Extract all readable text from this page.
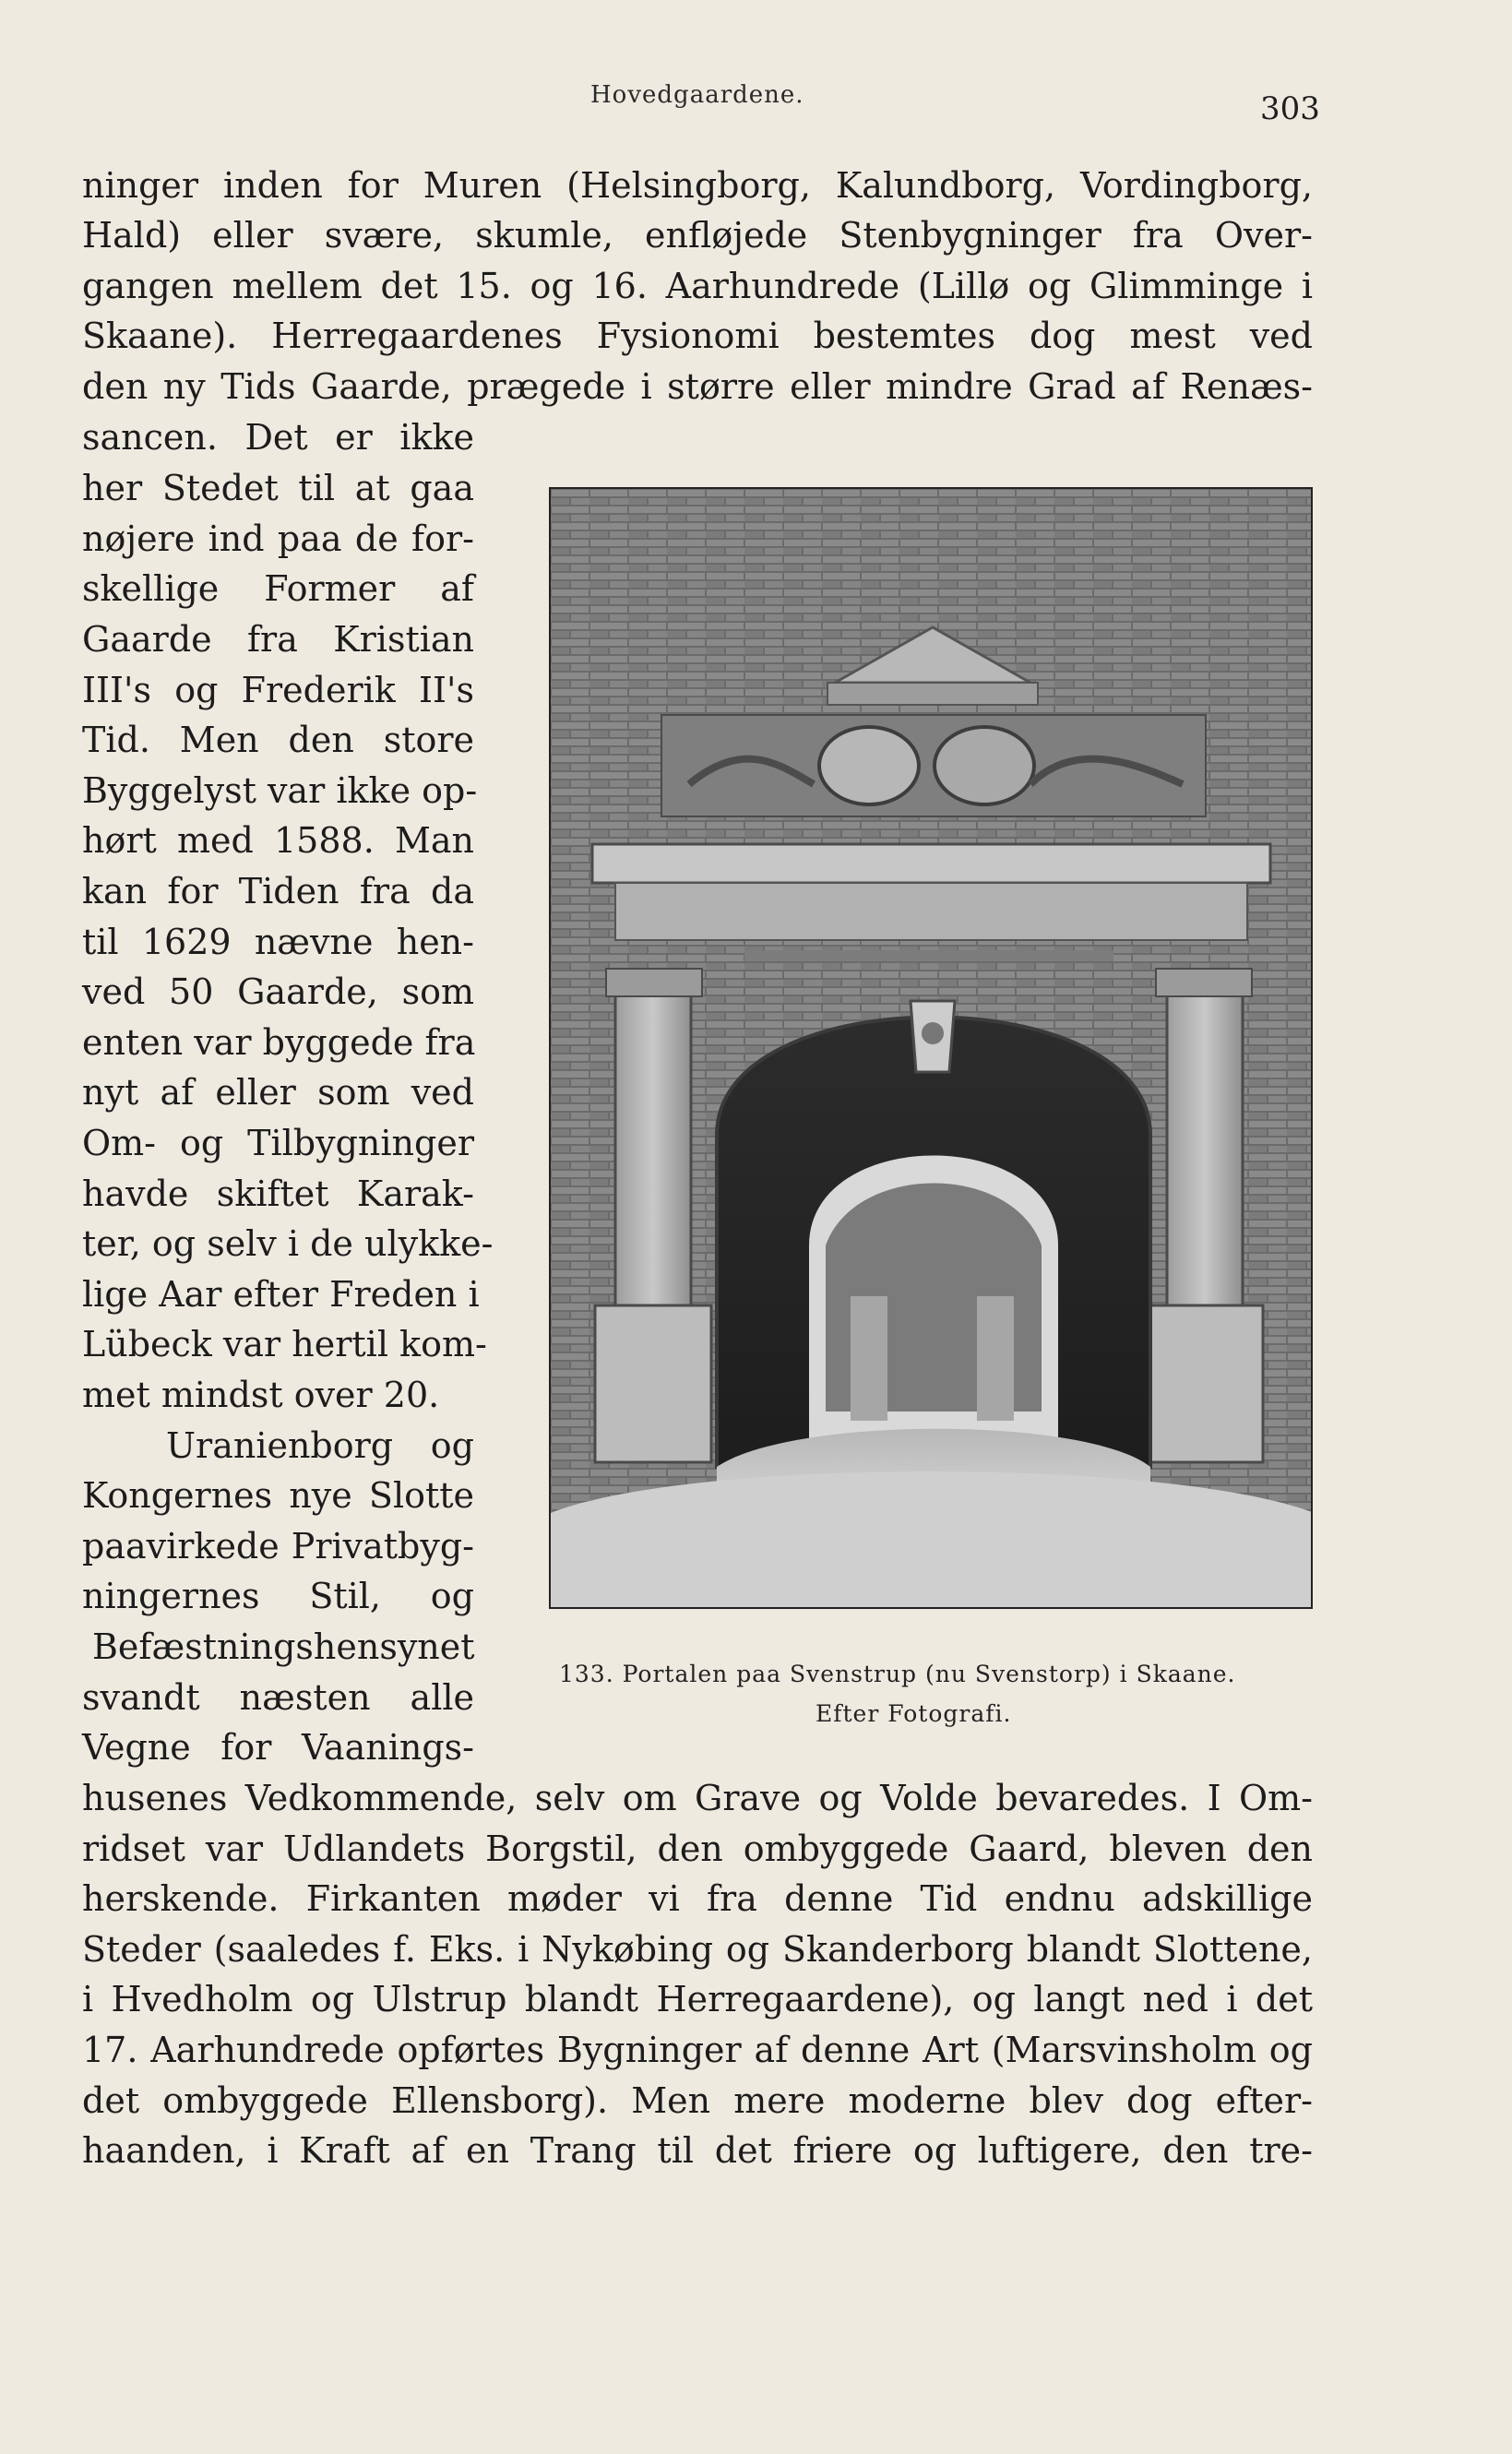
Hovedgaardene.	303
ninger inden for Muren (Helsingborg, Kalundborg, Vordingborg,
Hald) eller svære, skumle, enfløjede Stenbygninger fra Over-
gangen mellem det 15. og 16. Aarhundrede (Lillø og Glimminge i
Skaane). Herregaardenes Fysionomi bestemtes dog mest ved
den ny Tids Gaarde, prægede i større eller mindre Grad af Renæs-
sancen. Det er ikke
her Stedet til at gaa
nøjere ind paa de for-
skellige Former af
Gaarde fra Kristian
III's og Frederik II's
Tid. Men den store
Byggelyst var ikke op-
hørt med 1588. Man
kan for Tiden fra da
til 1629 nævne hen-
ved 50 Gaarde, som
enten var byggede fra
nyt af eller som ved
Om- og Tilbygninger
havde skiftet Karak-
ter, og selv i de ulykke-
lige Aar efter Freden i
Lübeck var hertil kom-
met mindst over 20.
Uranienborg og
Kongernes nye Slotte
paavirkede Privatbyg-
ningernes Stil, og
Befæstningshensynet
svandt næsten alle
Vegne for Vaanings-
husenes Vedkommende, selv om Grave og Volde bevaredes. I Om-
ridset var Udlandets Borgstil, den ombyggede Gaard, bleven den
herskende. Firkanten møder vi fra denne Tid endnu adskillige
Steder (saaledes f. Eks. i Nykøbing og Skanderborg blandt Slottene,
i Hvedholm og Ulstrup blandt Herregaardene), og langt ned i det
17. Aarhundrede opførtes Bygninger af denne Art (Marsvinsholm og
det ombyggede Ellensborg). Men mere moderne blev dog efter-
haanden, i Kraft af en Trang til det friere og luftigere, den tre-
133. Portalen paa Svenstrup (nu Svenstorp) i Skaane.
Efter Fotografi.
